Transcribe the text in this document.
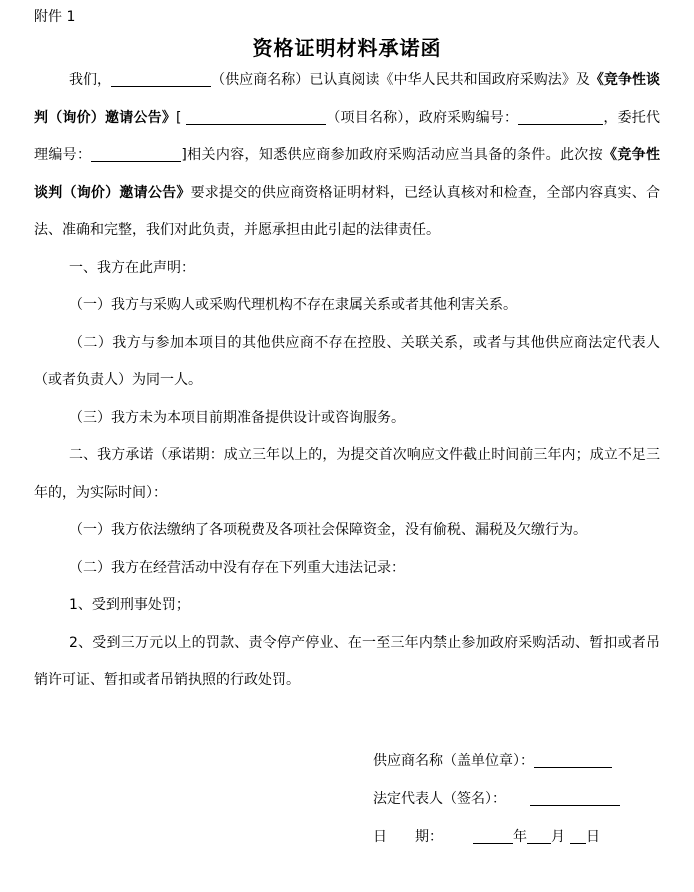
附件 1
资格证明材料承诺函

我们，	（供应商名称）已认真阅读《中华人民共和国政府采购法》及《竞争性谈判（询价）邀请公告》[	（项目名称），政府采购编号：	，委托代理编号：	]相关内容，知悉供应商参加政府采购活动应当具备的条件。此次按《竞争性谈判（询价）邀请公告》要求提交的供应商资格证明材料，已经认真核对和检查，全部内容真实、合法、准确和完整，我们对此负责，并愿承担由此引起的法律责任。

一、我方在此声明：

（一）我方与采购人或采购代理机构不存在隶属关系或者其他利害关系。

（二）我方与参加本项目的其他供应商不存在控股、关联关系，或者与其他供应商法定代表人（或者负责人）为同一人。

（三）我方未为本项目前期准备提供设计或咨询服务。

二、我方承诺（承诺期：成立三年以上的，为提交首次响应文件截止时间前三年内；成立不足三年的，为实际时间）：

（一）我方依法缴纳了各项税费及各项社会保障资金，没有偷税、漏税及欠缴行为。

（二）我方在经营活动中没有存在下列重大违法记录：

1、受到刑事处罚；

2、受到三万元以上的罚款、责令停产停业、在一至三年内禁止参加政府采购活动、暂扣或者吊销许可证、暂扣或者吊销执照的行政处罚。

供应商名称（盖单位章）：

法定代表人（签名）：

日　　期：	年 月 日
